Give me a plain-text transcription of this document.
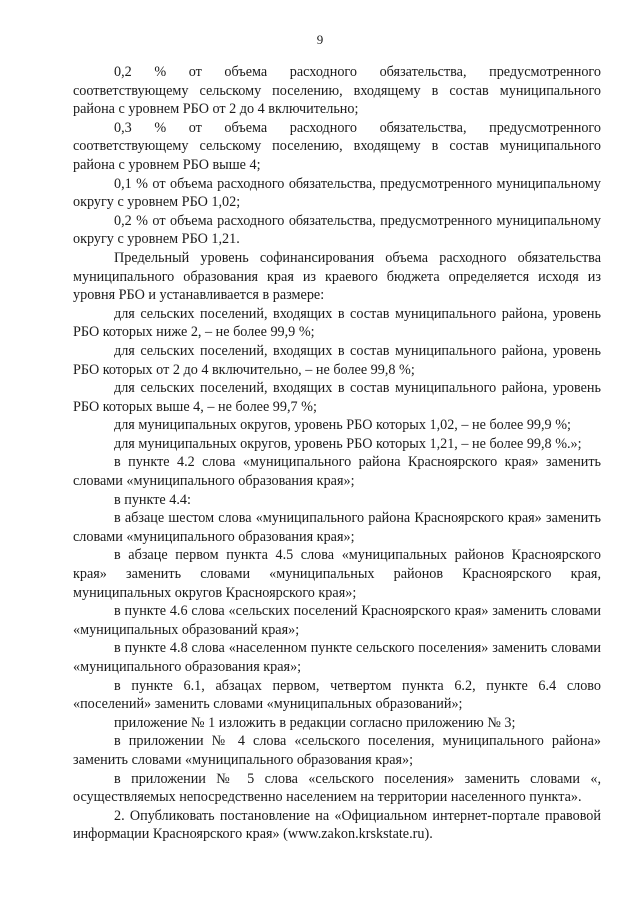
9

0,2 % от объема расходного обязательства, предусмотренного соответствующему сельскому поселению, входящему в состав муниципального района с уровнем РБО от 2 до 4 включительно;

0,3 % от объема расходного обязательства, предусмотренного соответствующему сельскому поселению, входящему в состав муниципального района с уровнем РБО выше 4;

0,1 % от объема расходного обязательства, предусмотренного муниципальному округу с уровнем РБО 1,02;

0,2 % от объема расходного обязательства, предусмотренного муниципальному округу с уровнем РБО 1,21.

Предельный уровень софинансирования объема расходного обязательства муниципального образования края из краевого бюджета определяется исходя из уровня РБО и устанавливается в размере:

для сельских поселений, входящих в состав муниципального района, уровень РБО которых ниже 2, – не более 99,9 %;

для сельских поселений, входящих в состав муниципального района, уровень РБО которых от 2 до 4 включительно, – не более 99,8 %;

для сельских поселений, входящих в состав муниципального района, уровень РБО которых выше 4, – не более 99,7 %;

для муниципальных округов, уровень РБО которых 1,02, – не более 99,9 %;

для муниципальных округов, уровень РБО которых 1,21, – не более 99,8 %.»;

в пункте 4.2 слова «муниципального района Красноярского края» заменить словами «муниципального образования края»;

в пункте 4.4:

в абзаце шестом слова «муниципального района Красноярского края» заменить словами «муниципального образования края»;

в абзаце первом пункта 4.5 слова «муниципальных районов Красноярского края» заменить словами «муниципальных районов Красноярского края, муниципальных округов Красноярского края»;

в пункте 4.6 слова «сельских поселений Красноярского края» заменить словами «муниципальных образований края»;

в пункте 4.8 слова «населенном пункте сельского поселения» заменить словами «муниципального образования края»;

в пункте 6.1, абзацах первом, четвертом пункта 6.2, пункте 6.4 слово «поселений» заменить словами «муниципальных образований»;

приложение № 1 изложить в редакции согласно приложению № 3;

в приложении № 4 слова «сельского поселения, муниципального района» заменить словами «муниципального образования края»;

в приложении № 5 слова «сельского поселения» заменить словами «, осуществляемых непосредственно населением на территории населенного пункта».

2. Опубликовать постановление на «Официальном интернет-портале правовой информации Красноярского края» (www.zakon.krskstate.ru).
